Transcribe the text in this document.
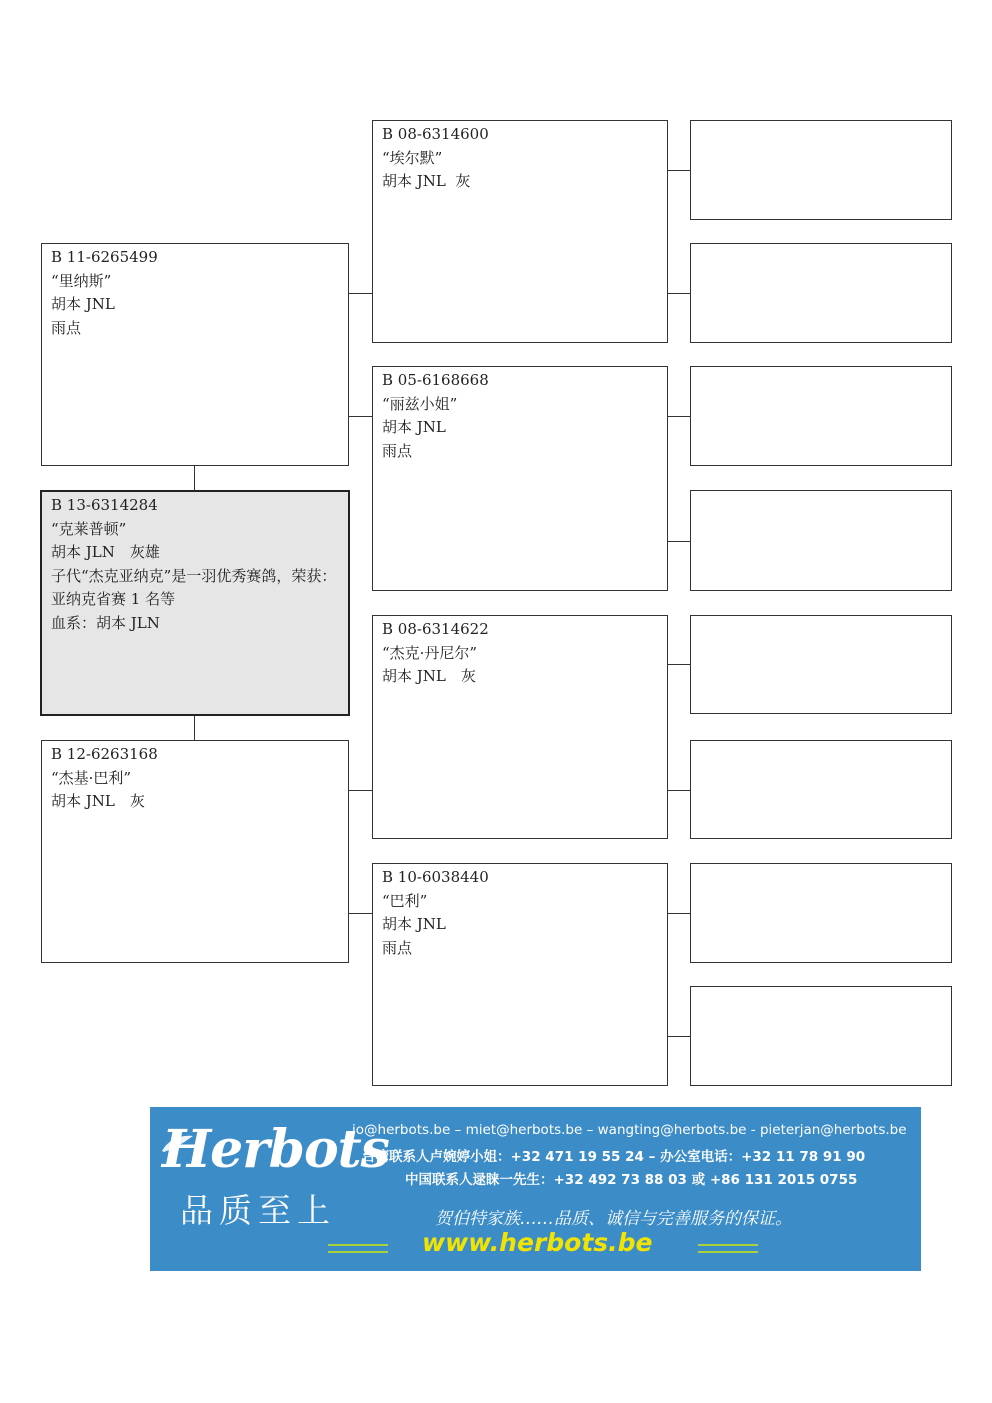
B 11-6265499
“里纳斯”
胡本 JNL
雨点
B 13-6314284
“克莱普顿”
胡本 JLN　灰雄
子代“杰克亚纳克”是一羽优秀赛鸽，荣获：
亚纳克省赛 1 名等
血系：胡本 JLN
B 12-6263168
“杰基·巴利”
胡本 JNL　灰
B 08-6314600
“埃尔默”
胡本 JNL  灰
B 05-6168668
“丽兹小姐”
胡本 JNL
雨点
B 08-6314622
“杰克·丹尼尔”
胡本 JNL　灰
B 10-6038440
“巴利”
胡本 JNL
雨点
Herbots
品质至上
jo@herbots.be – miet@herbots.be – wangting@herbots.be - pieterjan@herbots.be
台湾联系人卢婉婷小姐：+32 471 19 55 24 – 办公室电话：+32 11 78 91 90
中国联系人逯睐一先生：+32 492 73 88 03 或 +86 131 2015 0755
贺伯特家族……品质、诚信与完善服务的保证。
www.herbots.be
